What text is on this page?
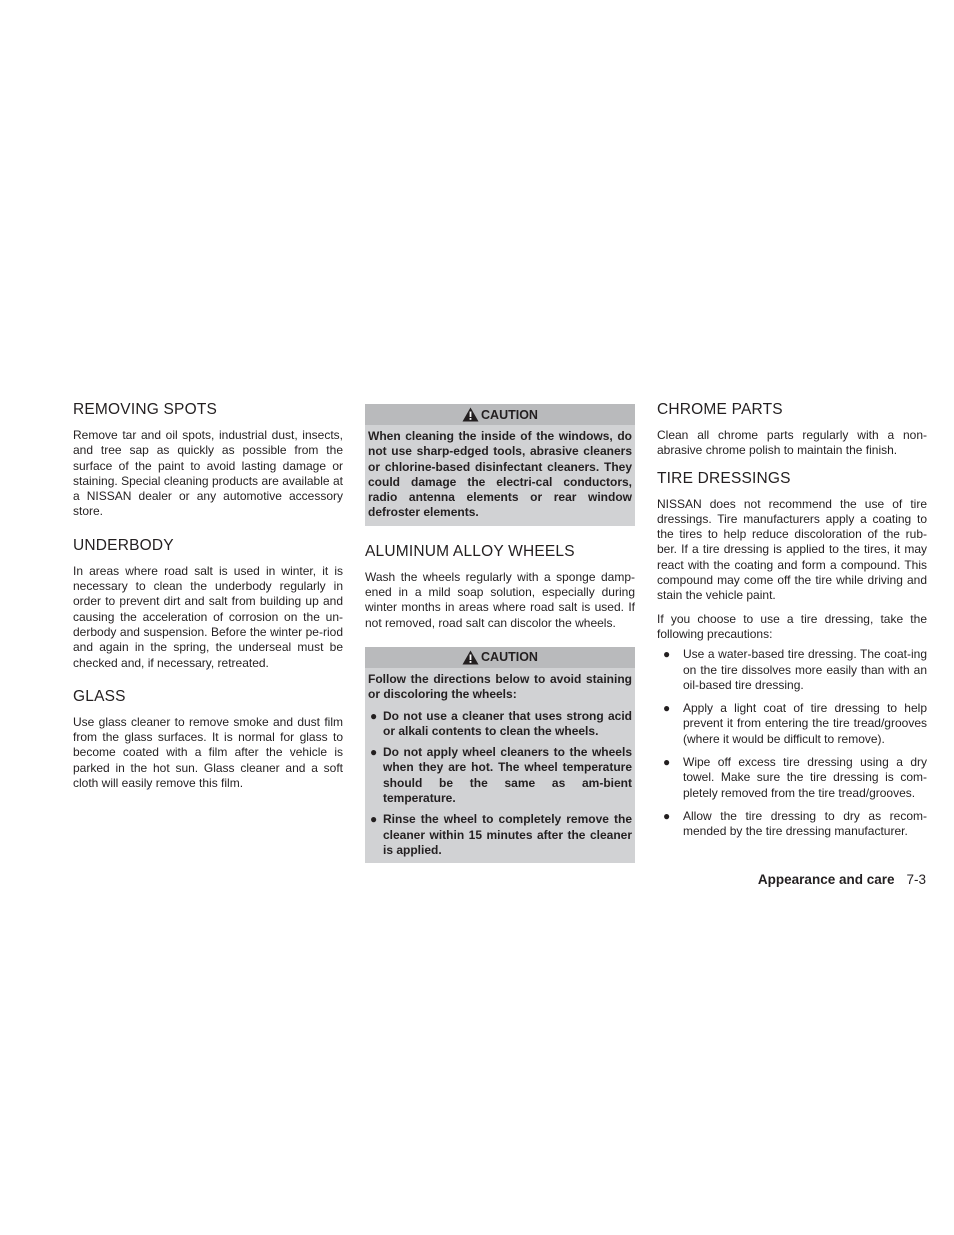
REMOVING SPOTS

Remove tar and oil spots, industrial dust, insects, and tree sap as quickly as possible from the surface of the paint to avoid lasting damage or staining. Special cleaning products are available at a NISSAN dealer or any automotive accessory store.

UNDERBODY

In areas where road salt is used in winter, it is necessary to clean the underbody regularly in order to prevent dirt and salt from building up and causing the acceleration of corrosion on the un-derbody and suspension. Before the winter pe-riod and again in the spring, the underseal must be checked and, if necessary, retreated.

GLASS

Use glass cleaner to remove smoke and dust film from the glass surfaces. It is normal for glass to become coated with a film after the vehicle is parked in the hot sun. Glass cleaner and a soft cloth will easily remove this film.

CAUTION

When cleaning the inside of the windows, do not use sharp-edged tools, abrasive cleaners or chlorine-based disinfectant cleaners. They could damage the electri-cal conductors, radio antenna elements or rear window defroster elements.

ALUMINUM ALLOY WHEELS

Wash the wheels regularly with a sponge damp-ened in a mild soap solution, especially during winter months in areas where road salt is used. If not removed, road salt can discolor the wheels.

CAUTION

Follow the directions below to avoid staining or discoloring the wheels:

● Do not use a cleaner that uses strong acid or alkali contents to clean the wheels.
● Do not apply wheel cleaners to the wheels when they are hot. The wheel temperature should be the same as am-bient temperature.
● Rinse the wheel to completely remove the cleaner within 15 minutes after the cleaner is applied.
CHROME PARTS

Clean all chrome parts regularly with a non-abrasive chrome polish to maintain the finish.

TIRE DRESSINGS

NISSAN does not recommend the use of tire dressings. Tire manufacturers apply a coating to the tires to help reduce discoloration of the rub-ber. If a tire dressing is applied to the tires, it may react with the coating and form a compound. This compound may come off the tire while driving and stain the vehicle paint.

If you choose to use a tire dressing, take the following precautions:

● Use a water-based tire dressing. The coat-ing on the tire dissolves more easily than with an oil-based tire dressing.
● Apply a light coat of tire dressing to help prevent it from entering the tire tread/grooves (where it would be difficult to remove).
● Wipe off excess tire dressing using a dry towel. Make sure the tire dressing is com-pletely removed from the tire tread/grooves.
● Allow the tire dressing to dry as recom-mended by the tire dressing manufacturer.
Appearance and care 7-3
